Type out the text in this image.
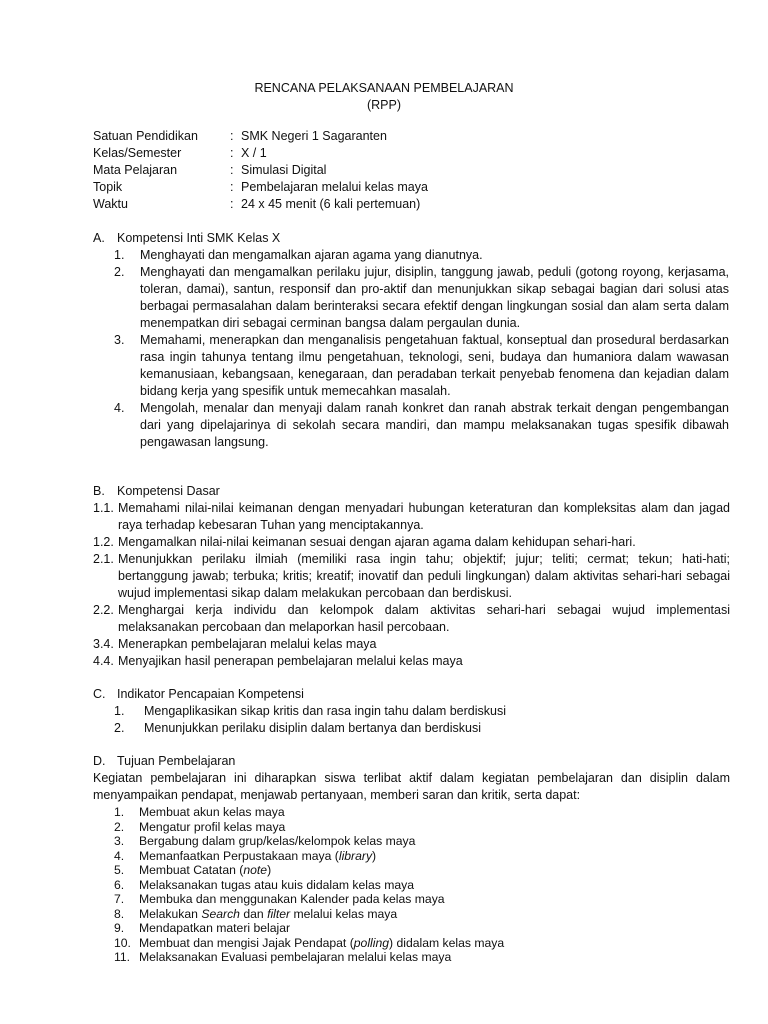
RENCANA PELAKSANAAN PEMBELAJARAN
(RPP)
Satuan Pendidikan	: SMK Negeri 1 Sagaranten
Kelas/Semester	: X / 1
Mata Pelajaran	: Simulasi Digital
Topik	: Pembelajaran melalui kelas maya
Waktu	: 24 x 45 menit (6 kali pertemuan)
A. Kompetensi Inti SMK Kelas X
1.	Menghayati dan mengamalkan ajaran agama yang dianutnya.
2.	Menghayati dan mengamalkan perilaku jujur, disiplin, tanggung jawab, peduli (gotong royong, kerjasama, toleran, damai), santun, responsif dan pro-aktif dan menunjukkan sikap sebagai bagian dari solusi atas berbagai permasalahan dalam berinteraksi secara efektif dengan lingkungan sosial dan alam serta dalam menempatkan diri sebagai cerminan bangsa dalam pergaulan dunia.
3.	Memahami, menerapkan dan menganalisis pengetahuan faktual, konseptual dan prosedural berdasarkan rasa ingin tahunya tentang ilmu pengetahuan, teknologi, seni, budaya dan humaniora dalam wawasan kemanusiaan, kebangsaan, kenegaraan, dan peradaban terkait penyebab fenomena dan kejadian dalam bidang kerja yang spesifik untuk memecahkan masalah.
4.	Mengolah, menalar dan menyaji dalam ranah konkret dan ranah abstrak terkait dengan pengembangan dari yang dipelajarinya di sekolah secara mandiri, dan mampu melaksanakan tugas spesifik dibawah pengawasan langsung.
B. Kompetensi Dasar
1.1. Memahami nilai-nilai keimanan dengan menyadari hubungan keteraturan dan kompleksitas alam dan jagad raya terhadap kebesaran Tuhan yang menciptakannya.
1.2. Mengamalkan nilai-nilai keimanan sesuai dengan ajaran agama dalam kehidupan sehari-hari.
2.1. Menunjukkan perilaku ilmiah (memiliki rasa ingin tahu; objektif; jujur; teliti; cermat; tekun; hati-hati; bertanggung jawab; terbuka; kritis; kreatif; inovatif dan peduli lingkungan) dalam aktivitas sehari-hari sebagai wujud implementasi sikap dalam melakukan percobaan dan berdiskusi.
2.2. Menghargai kerja individu dan kelompok dalam aktivitas sehari-hari sebagai wujud implementasi melaksanakan percobaan dan melaporkan hasil percobaan.
3.4. Menerapkan pembelajaran melalui kelas maya
4.4. Menyajikan hasil penerapan pembelajaran melalui kelas maya
C. Indikator Pencapaian Kompetensi
1.	Mengaplikasikan sikap kritis dan rasa ingin tahu dalam berdiskusi
2.	Menunjukkan perilaku disiplin dalam bertanya dan berdiskusi
D. Tujuan Pembelajaran
Kegiatan pembelajaran ini diharapkan siswa terlibat aktif dalam kegiatan pembelajaran dan disiplin dalam menyampaikan pendapat, menjawab pertanyaan, memberi saran dan kritik, serta dapat:
1.	Membuat akun kelas maya
2.	Mengatur profil kelas maya
3.	Bergabung dalam grup/kelas/kelompok kelas maya
4.	Memanfaatkan Perpustakaan maya (library)
5.	Membuat Catatan (note)
6.	Melaksanakan tugas atau kuis didalam kelas maya
7.	Membuka dan menggunakan Kalender pada kelas maya
8.	Melakukan Search dan filter melalui kelas maya
9.	Mendapatkan materi belajar
10. Membuat dan mengisi Jajak Pendapat (polling) didalam kelas maya
11. Melaksanakan Evaluasi pembelajaran melalui kelas maya
